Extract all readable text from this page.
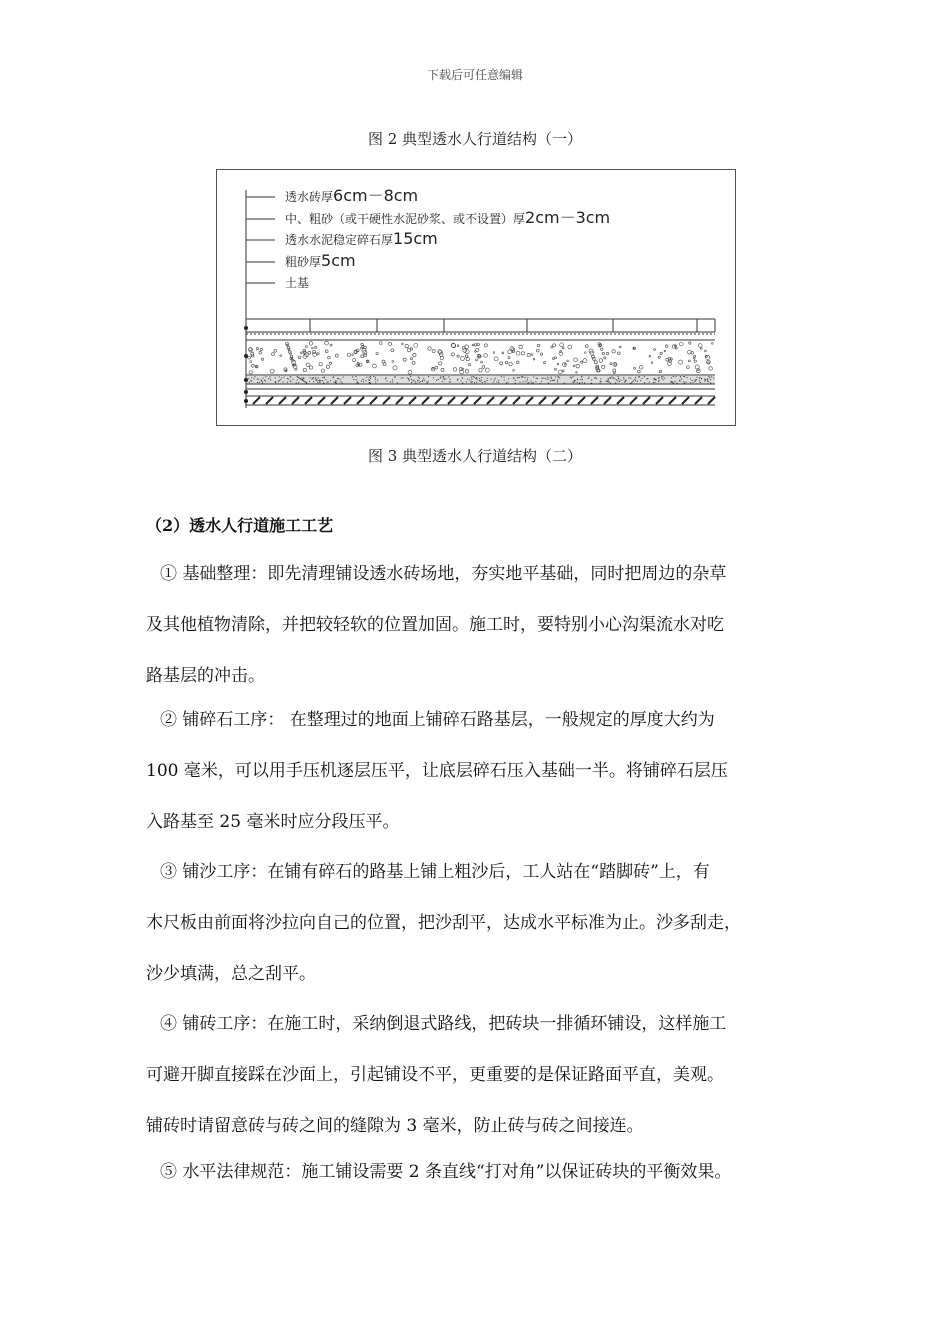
下载后可任意编辑
图 2 典型透水人行道结构（一）
透水砖厚6cm－8cm
中、粗砂（或干硬性水泥砂浆、或不设置）厚2cm－3cm
透水水泥稳定碎石厚15cm
粗砂厚5cm
土基
图 3 典型透水人行道结构（二）
（2）透水人行道施工工艺
① 基础整理：即先清理铺设透水砖场地，夯实地平基础，同时把周边的杂草
及其他植物清除，并把较轻软的位置加固。施工时，要特别小心沟渠流水对吃
路基层的冲击。
② 铺碎石工序： 在整理过的地面上铺碎石路基层，一般规定的厚度大约为
100 毫米，可以用手压机逐层压平，让底层碎石压入基础一半。将铺碎石层压
入路基至 25 毫米时应分段压平。
③ 铺沙工序：在铺有碎石的路基上铺上粗沙后，工人站在“踏脚砖”上，有
木尺板由前面将沙拉向自己的位置，把沙刮平，达成水平标准为止。沙多刮走，
沙少填满，总之刮平。
④ 铺砖工序：在施工时，采纳倒退式路线，把砖块一排循环铺设，这样施工
可避开脚直接踩在沙面上，引起铺设不平，更重要的是保证路面平直，美观。
铺砖时请留意砖与砖之间的缝隙为 3 毫米，防止砖与砖之间接连。
⑤ 水平法律规范：施工铺设需要 2 条直线“打对角”以保证砖块的平衡效果。
